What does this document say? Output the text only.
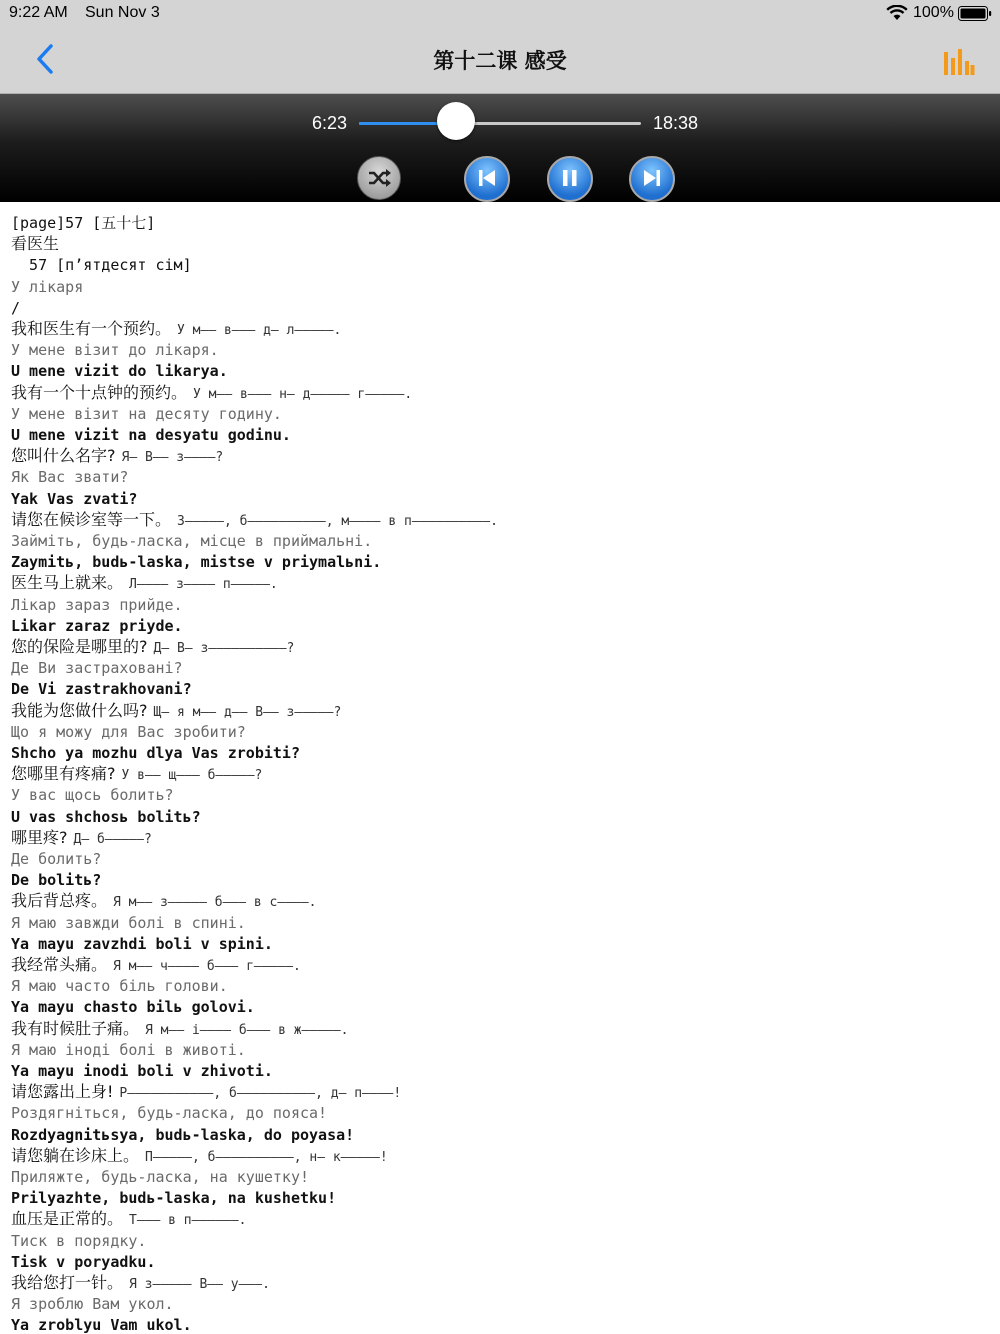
9:22 AM Sun Nov 3	100%
第十二课 感受
6:23	18:38
[page]57 [五十七]
看医生
57 [п’ятдесят сім]
У лікаря
/
我和医生有一个预约。 У м—— в——— д— л—————.
У мене візит до лікаря.
U mene vizit do likarya.
我有一个十点钟的预约。 У м—— в——— н— д————— г—————.
У мене візит на десяту годину.
U mene vizit na desyatu godinu.
您叫什么名字? Я— В—— з————?
Як Вас звати?
Yak Vas zvati?
请您在候诊室等一下。 З—————, б——————————, м———— в п——————————.
Займіть, будь-ласка, місце в приймальні.
Zaymitь, budь-laska, mistse v priymalьni.
医生马上就来。 Л———— з———— п—————.
Лікар зараз прийде.
Likar zaraz priyde.
您的保险是哪里的? Д— В— з——————————?
Де Ви застраховані?
De Vi zastrakhovani?
我能为您做什么吗? Щ— я м—— д—— В—— з—————?
Що я можу для Вас зробити?
Shcho ya mozhu dlya Vas zrobiti?
您哪里有疼痛? У в—— щ——— б—————?
У вас щось болить?
U vas shchosь bolitь?
哪里疼? Д— б—————?
Де болить?
De bolitь?
我后背总疼。 Я м—— з————— б——— в с————.
Я маю завжди болі в спині.
Ya mayu zavzhdi boli v spini.
我经常头痛。 Я м—— ч———— б——— г—————.
Я маю часто біль голови.
Ya mayu chasto bilь golovi.
我有时候肚子痛。 Я м—— і———— б——— в ж—————.
Я маю іноді болі в животі.
Ya mayu inodi boli v zhivoti.
请您露出上身! Р———————————, б——————————, д— п————!
Роздягніться, будь-ласка, до пояса!
Rozdyagnitьsya, budь-laska, do poyasa!
请您躺在诊床上。 П—————, б——————————, н— к—————!
Приляжте, будь-ласка, на кушетку!
Prilyazhte, budь-laska, na kushetku!
血压是正常的。 Т——— в п——————.
Тиск в порядку.
Tisk v poryadku.
我给您打一针。 Я з————— В—— у———.
Я зроблю Вам укол.
Ya zroblyu Vam ukol.
